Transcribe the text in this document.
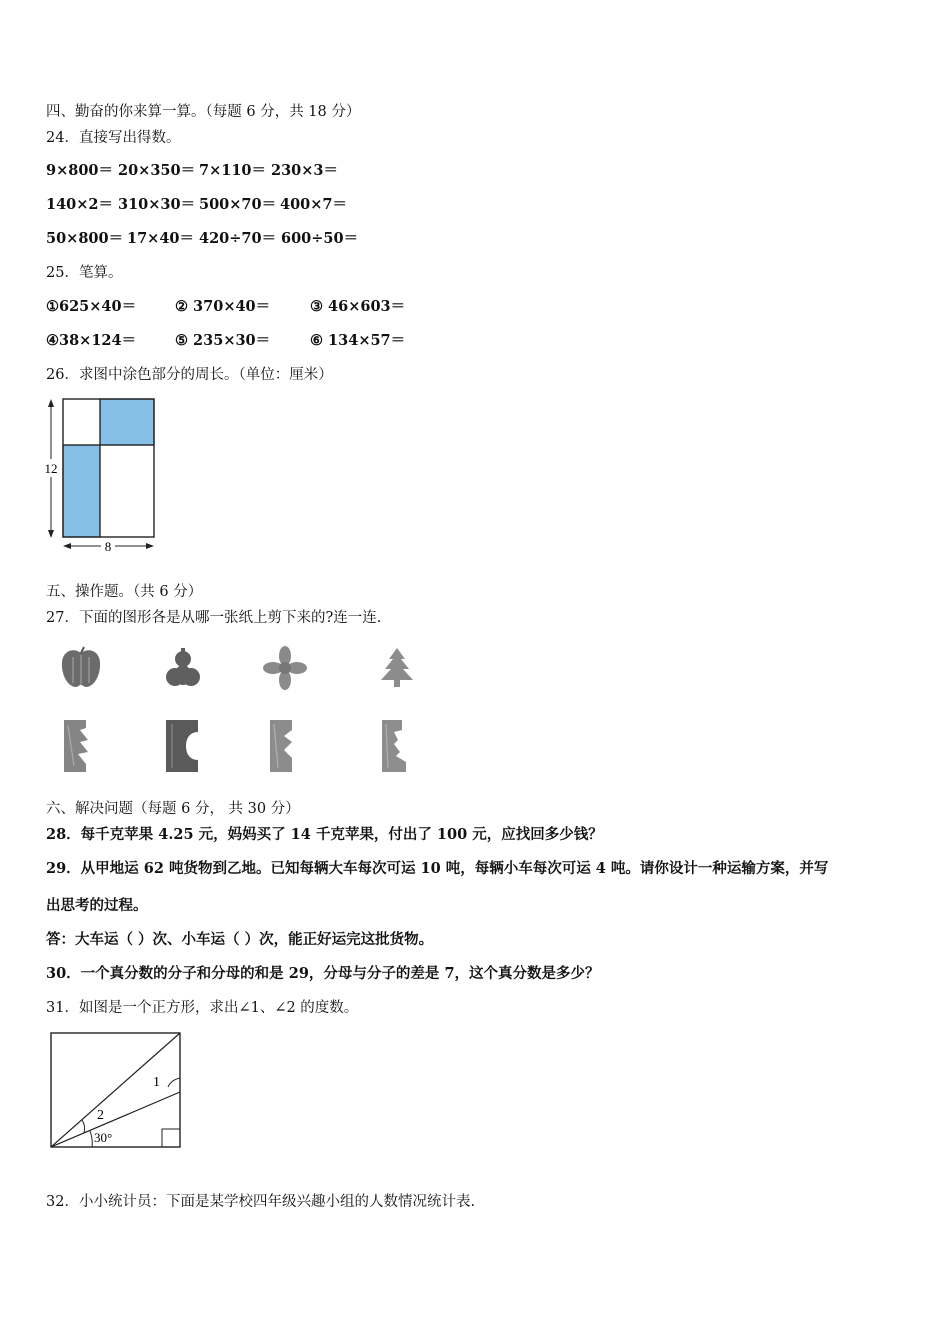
四、勤奋的你来算一算。（每题 6 分，共 18 分）
24．直接写出得数。
9×800＝ 20×350＝ 7×110＝ 230×3＝
140×2＝ 310×30＝ 500×70＝ 400×7＝
50×800＝ 17×40＝ 420÷70＝ 600÷50＝
25．笔算。
①625×40＝	② 370×40＝	③ 46×603＝
④38×124＝	⑤ 235×30＝	⑥ 134×57＝
26．求图中涂色部分的周长。（单位：厘米）
12
8
五、操作题。（共 6 分）
27．下面的图形各是从哪一张纸上剪下来的?连一连.
六、解决问题（每题 6 分， 共 30 分）
28．每千克苹果 4.25 元，妈妈买了 14 千克苹果，付出了 100 元，应找回多少钱？
29．从甲地运 62 吨货物到乙地。已知每辆大车每次可运 10 吨，每辆小车每次可运 4 吨。请你设计一种运输方案，并写
出思考的过程。
答：大车运（ ）次、小车运（ ）次，能正好运完这批货物。
30．一个真分数的分子和分母的和是 29，分母与分子的差是 7，这个真分数是多少？
31．如图是一个正方形，求出∠1、∠2 的度数。
1
2
30°
32．小小统计员：下面是某学校四年级兴趣小组的人数情况统计表.
